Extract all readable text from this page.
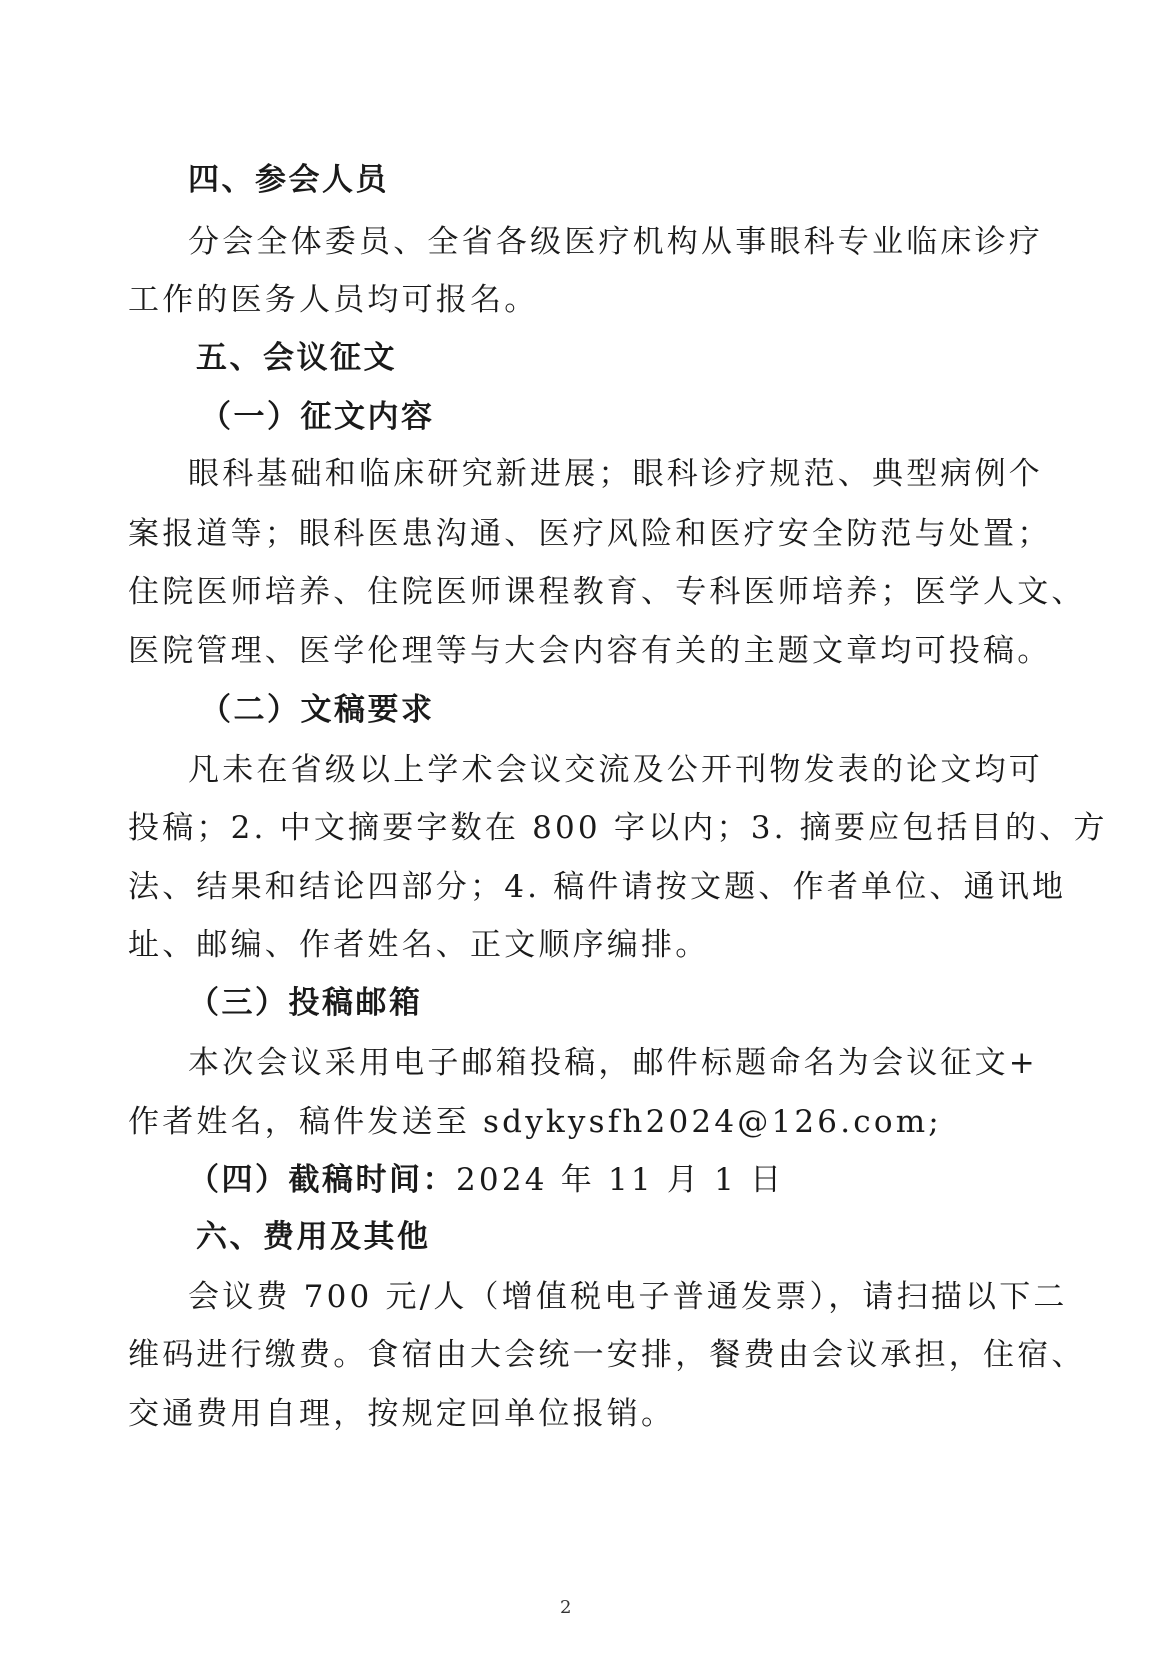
四、参会人员
分会全体委员、全省各级医疗机构从事眼科专业临床诊疗
工作的医务人员均可报名。
五、会议征文
（一）征文内容
眼科基础和临床研究新进展；眼科诊疗规范、典型病例个
案报道等；眼科医患沟通、医疗风险和医疗安全防范与处置；
住院医师培养、住院医师课程教育、专科医师培养；医学人文、
医院管理、医学伦理等与大会内容有关的主题文章均可投稿。
（二）文稿要求
凡未在省级以上学术会议交流及公开刊物发表的论文均可
投稿；2. 中文摘要字数在 800 字以内；3. 摘要应包括目的、方
法、结果和结论四部分；4. 稿件请按文题、作者单位、通讯地
址、邮编、作者姓名、正文顺序编排。
（三）投稿邮箱
本次会议采用电子邮箱投稿，邮件标题命名为会议征文+
作者姓名，稿件发送至 sdykysfh2024@126.com;
（四）截稿时间：2024 年 11 月 1 日
六、费用及其他
会议费 700 元/人（增值税电子普通发票），请扫描以下二
维码进行缴费。食宿由大会统一安排，餐费由会议承担，住宿、
交通费用自理，按规定回单位报销。
2
